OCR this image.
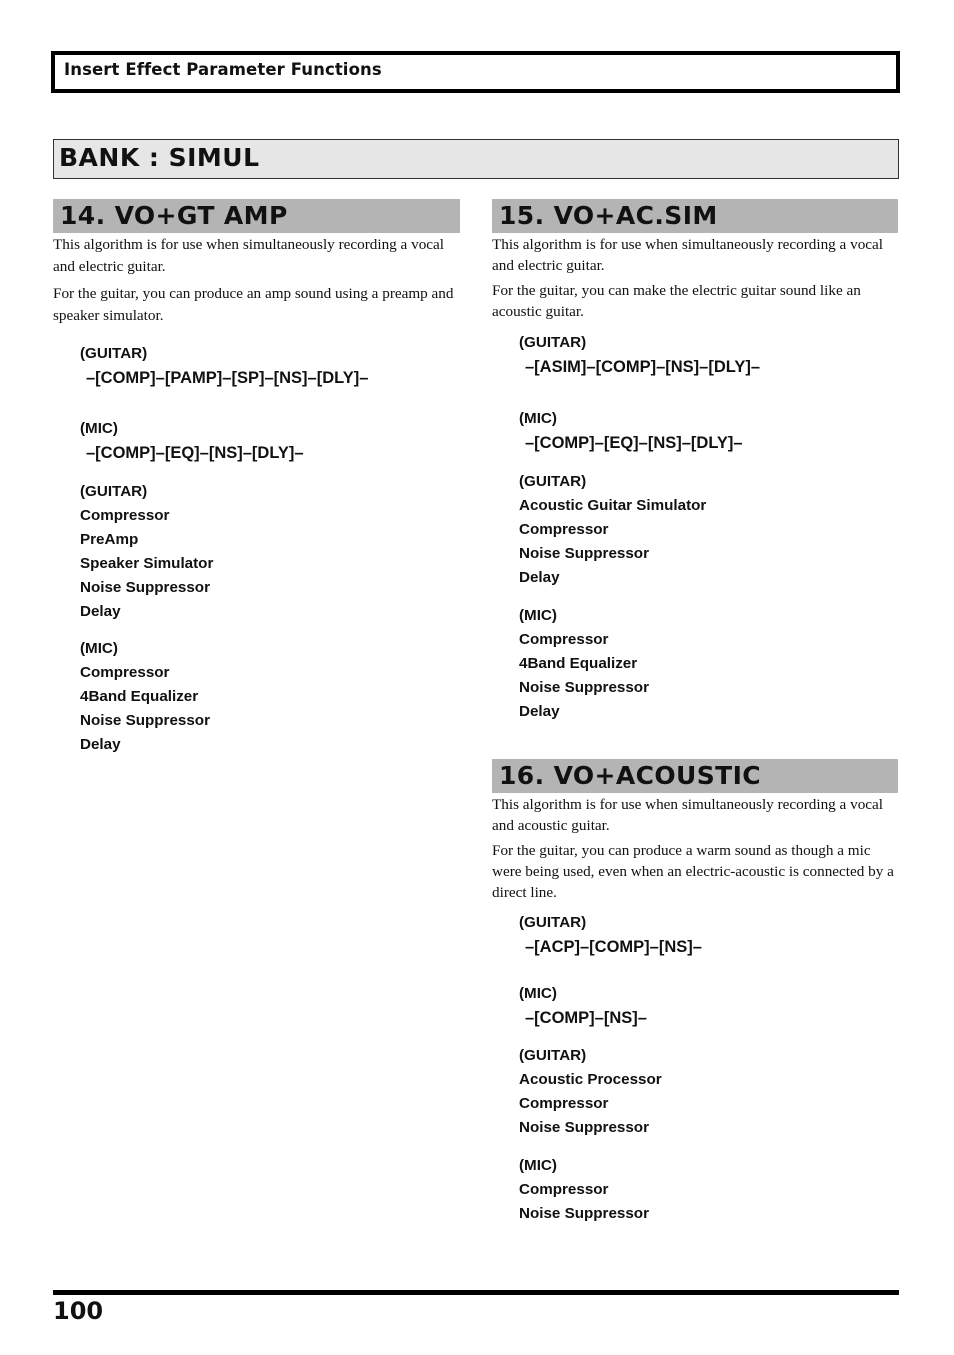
Insert Effect Parameter Functions
BANK : SIMUL
14. VO+GT AMP

This algorithm is for use when simultaneously recording a vocal and electric guitar.

For the guitar, you can produce an amp sound using a preamp and speaker simulator.

(GUITAR)
–[COMP]–[PAMP]–[SP]–[NS]–[DLY]–
(MIC)
–[COMP]–[EQ]–[NS]–[DLY]–
(GUITAR)
Compressor
PreAmp
Speaker Simulator
Noise Suppressor
Delay
(MIC)
Compressor
4Band Equalizer
Noise Suppressor
Delay
15. VO+AC.SIM

This algorithm is for use when simultaneously recording a vocal and electric guitar.

For the guitar, you can make the electric guitar sound like an acoustic guitar.

(GUITAR)
–[ASIM]–[COMP]–[NS]–[DLY]–
(MIC)
–[COMP]–[EQ]–[NS]–[DLY]–
(GUITAR)
Acoustic Guitar Simulator
Compressor
Noise Suppressor
Delay
(MIC)
Compressor
4Band Equalizer
Noise Suppressor
Delay
16. VO+ACOUSTIC

This algorithm is for use when simultaneously recording a vocal and acoustic guitar.

For the guitar, you can produce a warm sound as though a mic were being used, even when an electric-acoustic is connected by a direct line.

(GUITAR)
–[ACP]–[COMP]–[NS]–
(MIC)
–[COMP]–[NS]–
(GUITAR)
Acoustic Processor
Compressor
Noise Suppressor
(MIC)
Compressor
Noise Suppressor
100
